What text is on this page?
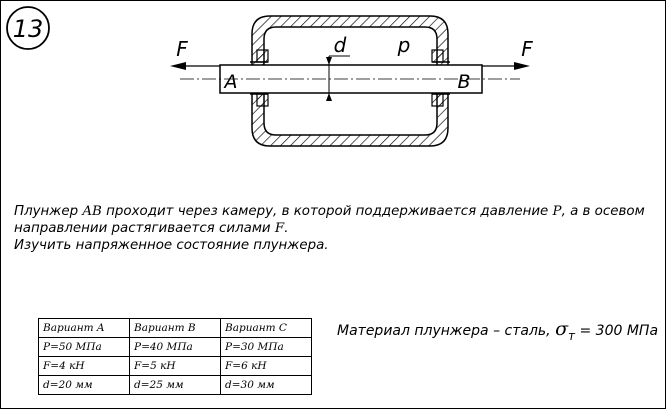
13
d	p
A	B
F	F
Плунжер AB проходит через камеру, в которой поддерживается давление P, а в осевом
направлении растягивается силами F.
Изучить напряженное состояние плунжера.
Вариант A	Вариант B	Вариант C
P=50 МПа	P=40 МПа	P=30 МПа
F=4 кН	F=5 кН	F=6 кН
d=20 мм	d=25 мм	d=30 мм
Материал плунжера – сталь, $\sigma_т = 300$ МПа
